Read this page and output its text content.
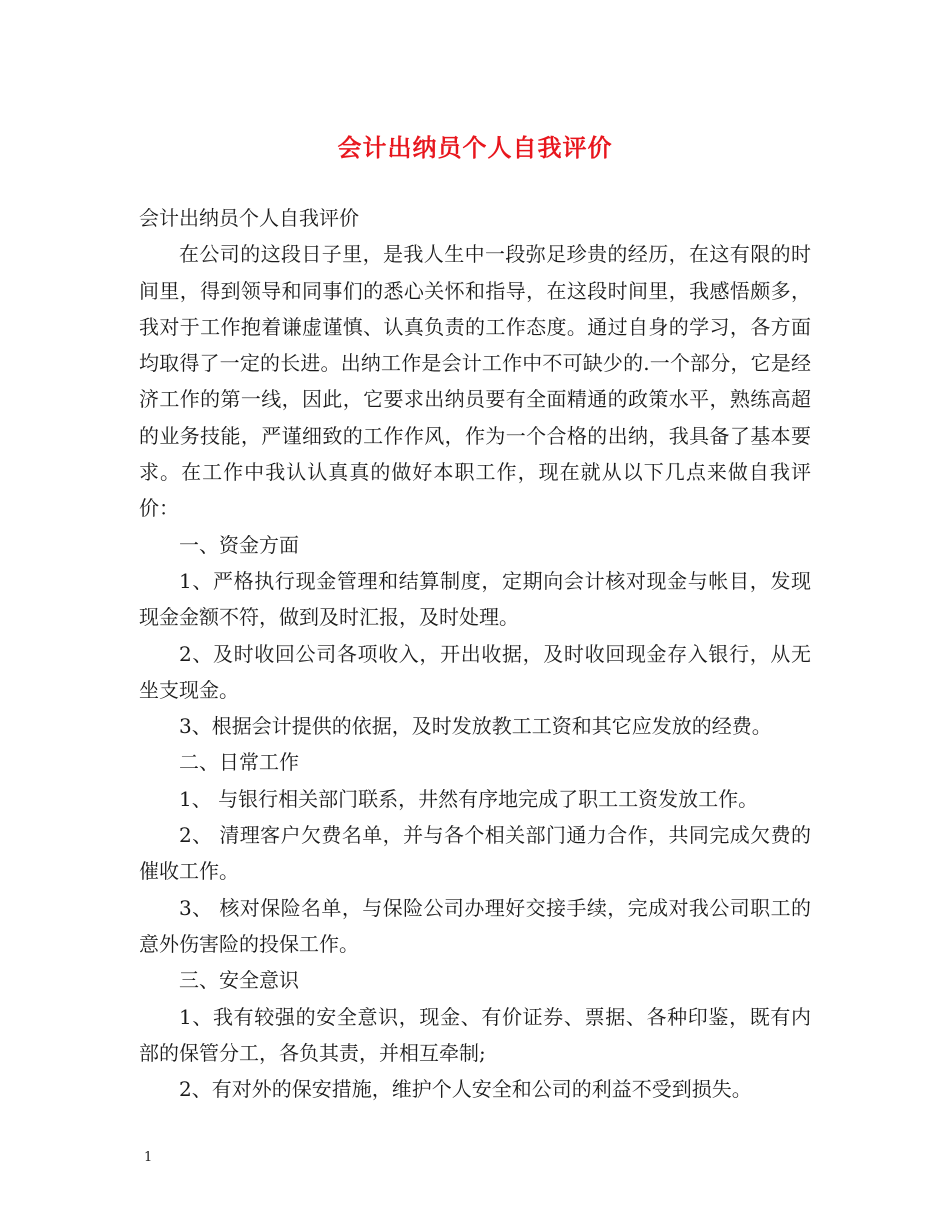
会计出纳员个人自我评价

会计出纳员个人自我评价

在公司的这段日子里，是我人生中一段弥足珍贵的经历，在这有限的时间里，得到领导和同事们的悉心关怀和指导，在这段时间里，我感悟颇多，我对于工作抱着谦虚谨慎、认真负责的工作态度。通过自身的学习，各方面均取得了一定的长进。出纳工作是会计工作中不可缺少的.一个部分，它是经济工作的第一线，因此，它要求出纳员要有全面精通的政策水平，熟练高超的业务技能，严谨细致的工作作风，作为一个合格的出纳，我具备了基本要求。在工作中我认认真真的做好本职工作，现在就从以下几点来做自我评价：

一、资金方面

1、严格执行现金管理和结算制度，定期向会计核对现金与帐目，发现现金金额不符，做到及时汇报，及时处理。

2、及时收回公司各项收入，开出收据，及时收回现金存入银行，从无坐支现金。

3、根据会计提供的依据，及时发放教工工资和其它应发放的经费。

二、日常工作

1、 与银行相关部门联系，井然有序地完成了职工工资发放工作。

2、 清理客户欠费名单，并与各个相关部门通力合作，共同完成欠费的催收工作。

3、 核对保险名单，与保险公司办理好交接手续，完成对我公司职工的意外伤害险的投保工作。

三、安全意识

1、我有较强的安全意识，现金、有价证券、票据、各种印鉴，既有内部的保管分工，各负其责，并相互牵制;

2、有对外的保安措施，维护个人安全和公司的利益不受到损失。

1
